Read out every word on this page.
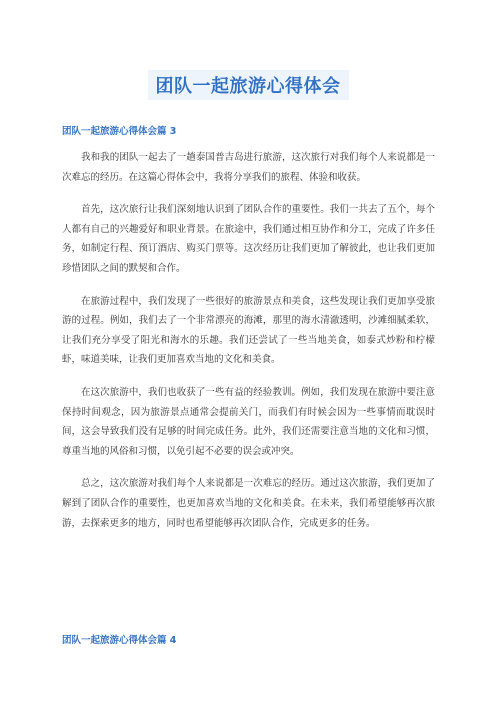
团队一起旅游心得体会
团队一起旅游心得体会篇 3

我和我的团队一起去了一趟泰国普吉岛进行旅游，这次旅行对我们每个人来说都是一次难忘的经历。在这篇心得体会中，我将分享我们的旅程、体验和收获。

首先，这次旅行让我们深刻地认识到了团队合作的重要性。我们一共去了五个，每个人都有自己的兴趣爱好和职业背景。在旅途中，我们通过相互协作和分工，完成了许多任务，如制定行程、预订酒店、购买门票等。这次经历让我们更加了解彼此，也让我们更加珍惜团队之间的默契和合作。

在旅游过程中，我们发现了一些很好的旅游景点和美食，这些发现让我们更加享受旅游的过程。例如，我们去了一个非常漂亮的海滩，那里的海水清澈透明，沙滩细腻柔软，让我们充分享受了阳光和海水的乐趣。我们还尝试了一些当地美食，如泰式炒粉和柠檬虾，味道美味，让我们更加喜欢当地的文化和美食。

在这次旅游中，我们也收获了一些有益的经验教训。例如，我们发现在旅游中要注意保持时间观念，因为旅游景点通常会提前关门，而我们有时候会因为一些事情而耽误时间，这会导致我们没有足够的时间完成任务。此外，我们还需要注意当地的文化和习惯，尊重当地的风俗和习惯，以免引起不必要的误会或冲突。

总之，这次旅游对我们每个人来说都是一次难忘的经历。通过这次旅游，我们更加了解到了团队合作的重要性，也更加喜欢当地的文化和美食。在未来，我们希望能够再次旅游，去探索更多的地方，同时也希望能够再次团队合作，完成更多的任务。

团队一起旅游心得体会篇 4
